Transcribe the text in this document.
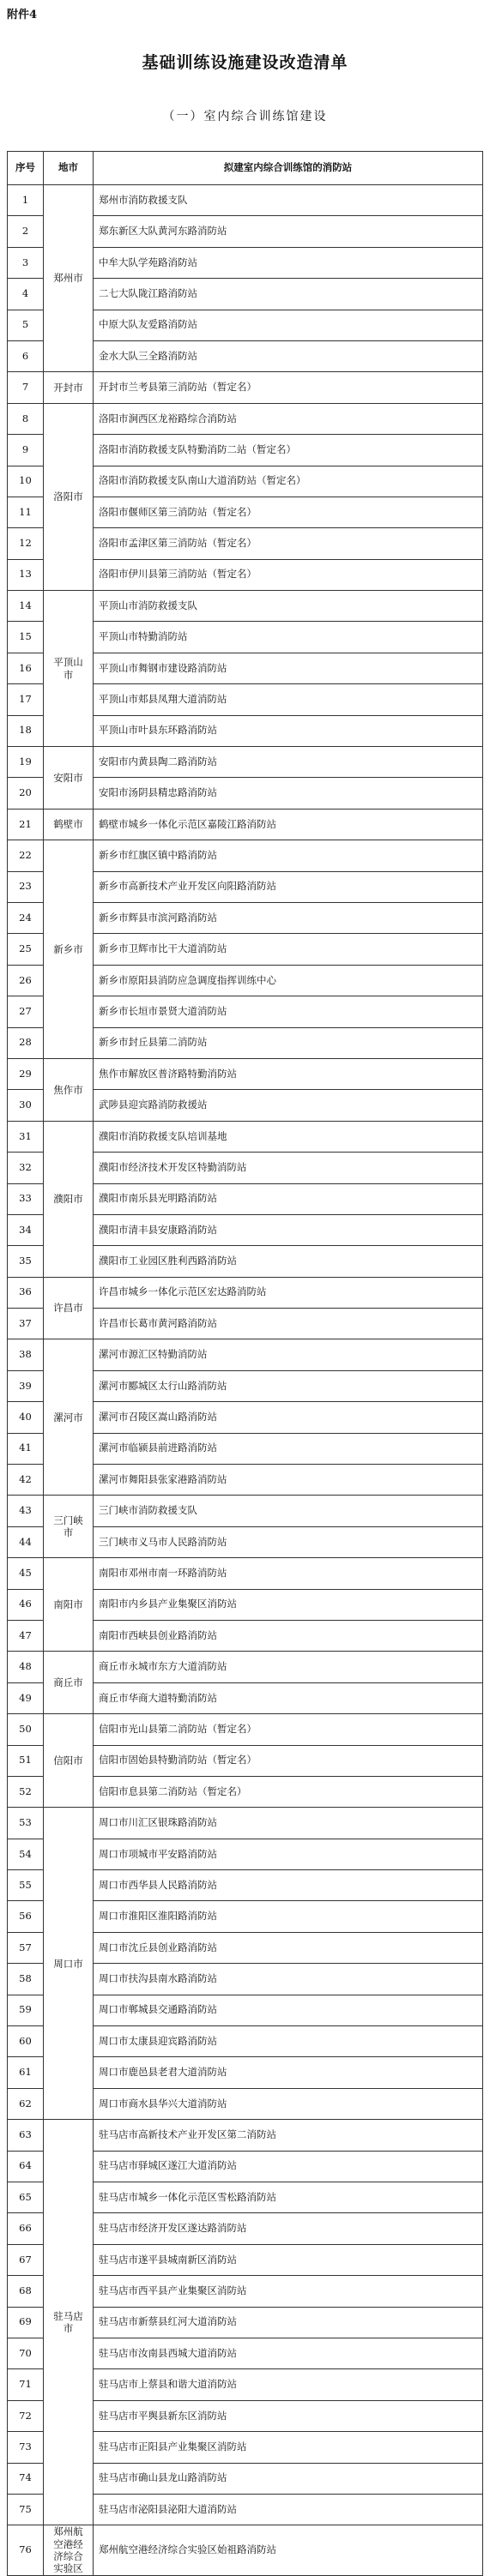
附件4
基础训练设施建设改造清单
（一）室内综合训练馆建设
序号	地市	拟建室内综合训练馆的消防站
1	郑州市	郑州市消防救援支队
2		郑东新区大队黄河东路消防站
3		中牟大队学苑路消防站
4		二七大队陇江路消防站
5		中原大队友爱路消防站
6		金水大队三全路消防站
7	开封市	开封市兰考县第三消防站（暂定名）
8	洛阳市	洛阳市涧西区龙裕路综合消防站
9		洛阳市消防救援支队特勤消防二站（暂定名）
10		洛阳市消防救援支队南山大道消防站（暂定名）
11		洛阳市偃师区第三消防站（暂定名）
12		洛阳市孟津区第三消防站（暂定名）
13		洛阳市伊川县第三消防站（暂定名）
14	平顶山市	平顶山市消防救援支队
15		平顶山市特勤消防站
16		平顶山市舞钢市建设路消防站
17		平顶山市郏县凤翔大道消防站
18		平顶山市叶县东环路消防站
19	安阳市	安阳市内黄县陶二路消防站
20		安阳市汤阴县精忠路消防站
21	鹤壁市	鹤壁市城乡一体化示范区嘉陵江路消防站
22	新乡市	新乡市红旗区镇中路消防站
23		新乡市高新技术产业开发区向阳路消防站
24		新乡市辉县市滨河路消防站
25		新乡市卫辉市比干大道消防站
26		新乡市原阳县消防应急调度指挥训练中心
27		新乡市长垣市景贤大道消防站
28		新乡市封丘县第二消防站
29	焦作市	焦作市解放区普济路特勤消防站
30		武陟县迎宾路消防救援站
31	濮阳市	濮阳市消防救援支队培训基地
32		濮阳市经济技术开发区特勤消防站
33		濮阳市南乐县光明路消防站
34		濮阳市清丰县安康路消防站
35		濮阳市工业园区胜利西路消防站
36	许昌市	许昌市城乡一体化示范区宏达路消防站
37		许昌市长葛市黄河路消防站
38	漯河市	漯河市源汇区特勤消防站
39		漯河市郾城区太行山路消防站
40		漯河市召陵区嵩山路消防站
41		漯河市临颍县前进路消防站
42		漯河市舞阳县张家港路消防站
43	三门峡市	三门峡市消防救援支队
44		三门峡市义马市人民路消防站
45	南阳市	南阳市邓州市南一环路消防站
46		南阳市内乡县产业集聚区消防站
47		南阳市西峡县创业路消防站
48	商丘市	商丘市永城市东方大道消防站
49		商丘市华商大道特勤消防站
50	信阳市	信阳市光山县第二消防站（暂定名）
51		信阳市固始县特勤消防站（暂定名）
52		信阳市息县第二消防站（暂定名）
53	周口市	周口市川汇区银珠路消防站
54		周口市项城市平安路消防站
55		周口市西华县人民路消防站
56		周口市淮阳区淮阳路消防站
57		周口市沈丘县创业路消防站
58		周口市扶沟县南水路消防站
59		周口市郸城县交通路消防站
60		周口市太康县迎宾路消防站
61		周口市鹿邑县老君大道消防站
62		周口市商水县华兴大道消防站
63	驻马店市	驻马店市高新技术产业开发区第二消防站
64		驻马店市驿城区遂江大道消防站
65		驻马店市城乡一体化示范区雪松路消防站
66		驻马店市经济开发区遂达路消防站
67		驻马店市遂平县城南新区消防站
68		驻马店市西平县产业集聚区消防站
69		驻马店市新蔡县红河大道消防站
70		驻马店市汝南县西城大道消防站
71		驻马店市上蔡县和谐大道消防站
72		驻马店市平舆县新东区消防站
73		驻马店市正阳县产业集聚区消防站
74		驻马店市确山县龙山路消防站
75		驻马店市泌阳县泌阳大道消防站
76	郑州航空港经济综合实验区	郑州航空港经济综合实验区始祖路消防站
